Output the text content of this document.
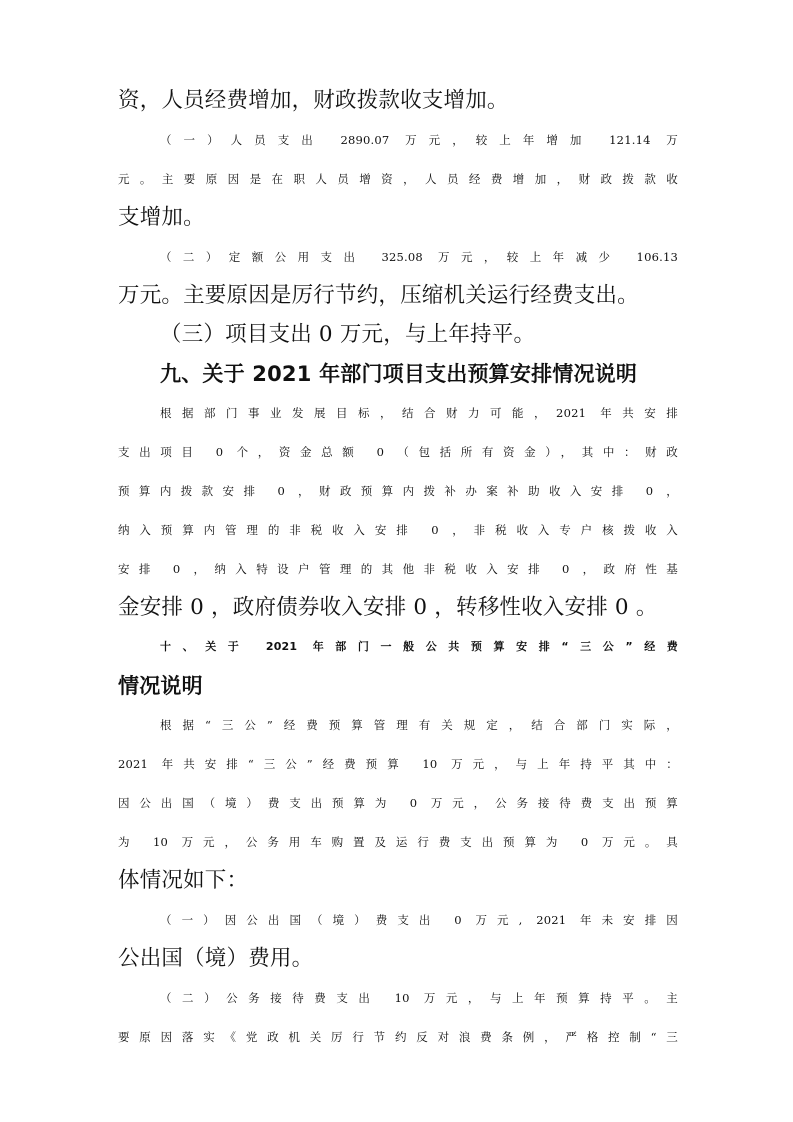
资，人员经费增加，财政拨款收支增加。

（一）人员支出 2890.07 万元，较上年增加 121.14 万

元。主要原因是在职人员增资，人员经费增加，财政拨款收

支增加。

（二）定额公用支出 325.08 万元，较上年减少 106.13

万元。主要原因是厉行节约，压缩机关运行经费支出。

（三）项目支出 0 万元，与上年持平。

九、关于 2021 年部门项目支出预算安排情况说明

根据部门事业发展目标，结合财力可能，2021 年共安排

支出项目 0 个，资金总额 0 （包括所有资金），其中：财政

预算内拨款安排 0 ，财政预算内拨补办案补助收入安排 0 ，

纳入预算内管理的非税收入安排 0 ，非税收入专户核拨收入

安排 0 ，纳入特设户管理的其他非税收入安排 0 ，政府性基

金安排 0 ，政府债券收入安排 0 ，转移性收入安排 0 。

十、关于 2021 年部门一般公共预算安排“三公”经费

情况说明

根据“三公”经费预算管理有关规定，结合部门实际，

2021 年共安排“三公”经费预算 10 万元，与上年持平其中：

因公出国（境）费支出预算为 0 万元，公务接待费支出预算

为 10 万元，公务用车购置及运行费支出预算为 0 万元。具

体情况如下：

（一）因公出国（境）费支出 0 万元, 2021 年未安排因

公出国（境）费用。

（二）公务接待费支出 10 万元，与上年预算持平。主

要原因落实《党政机关厉行节约反对浪费条例，严格控制“三
